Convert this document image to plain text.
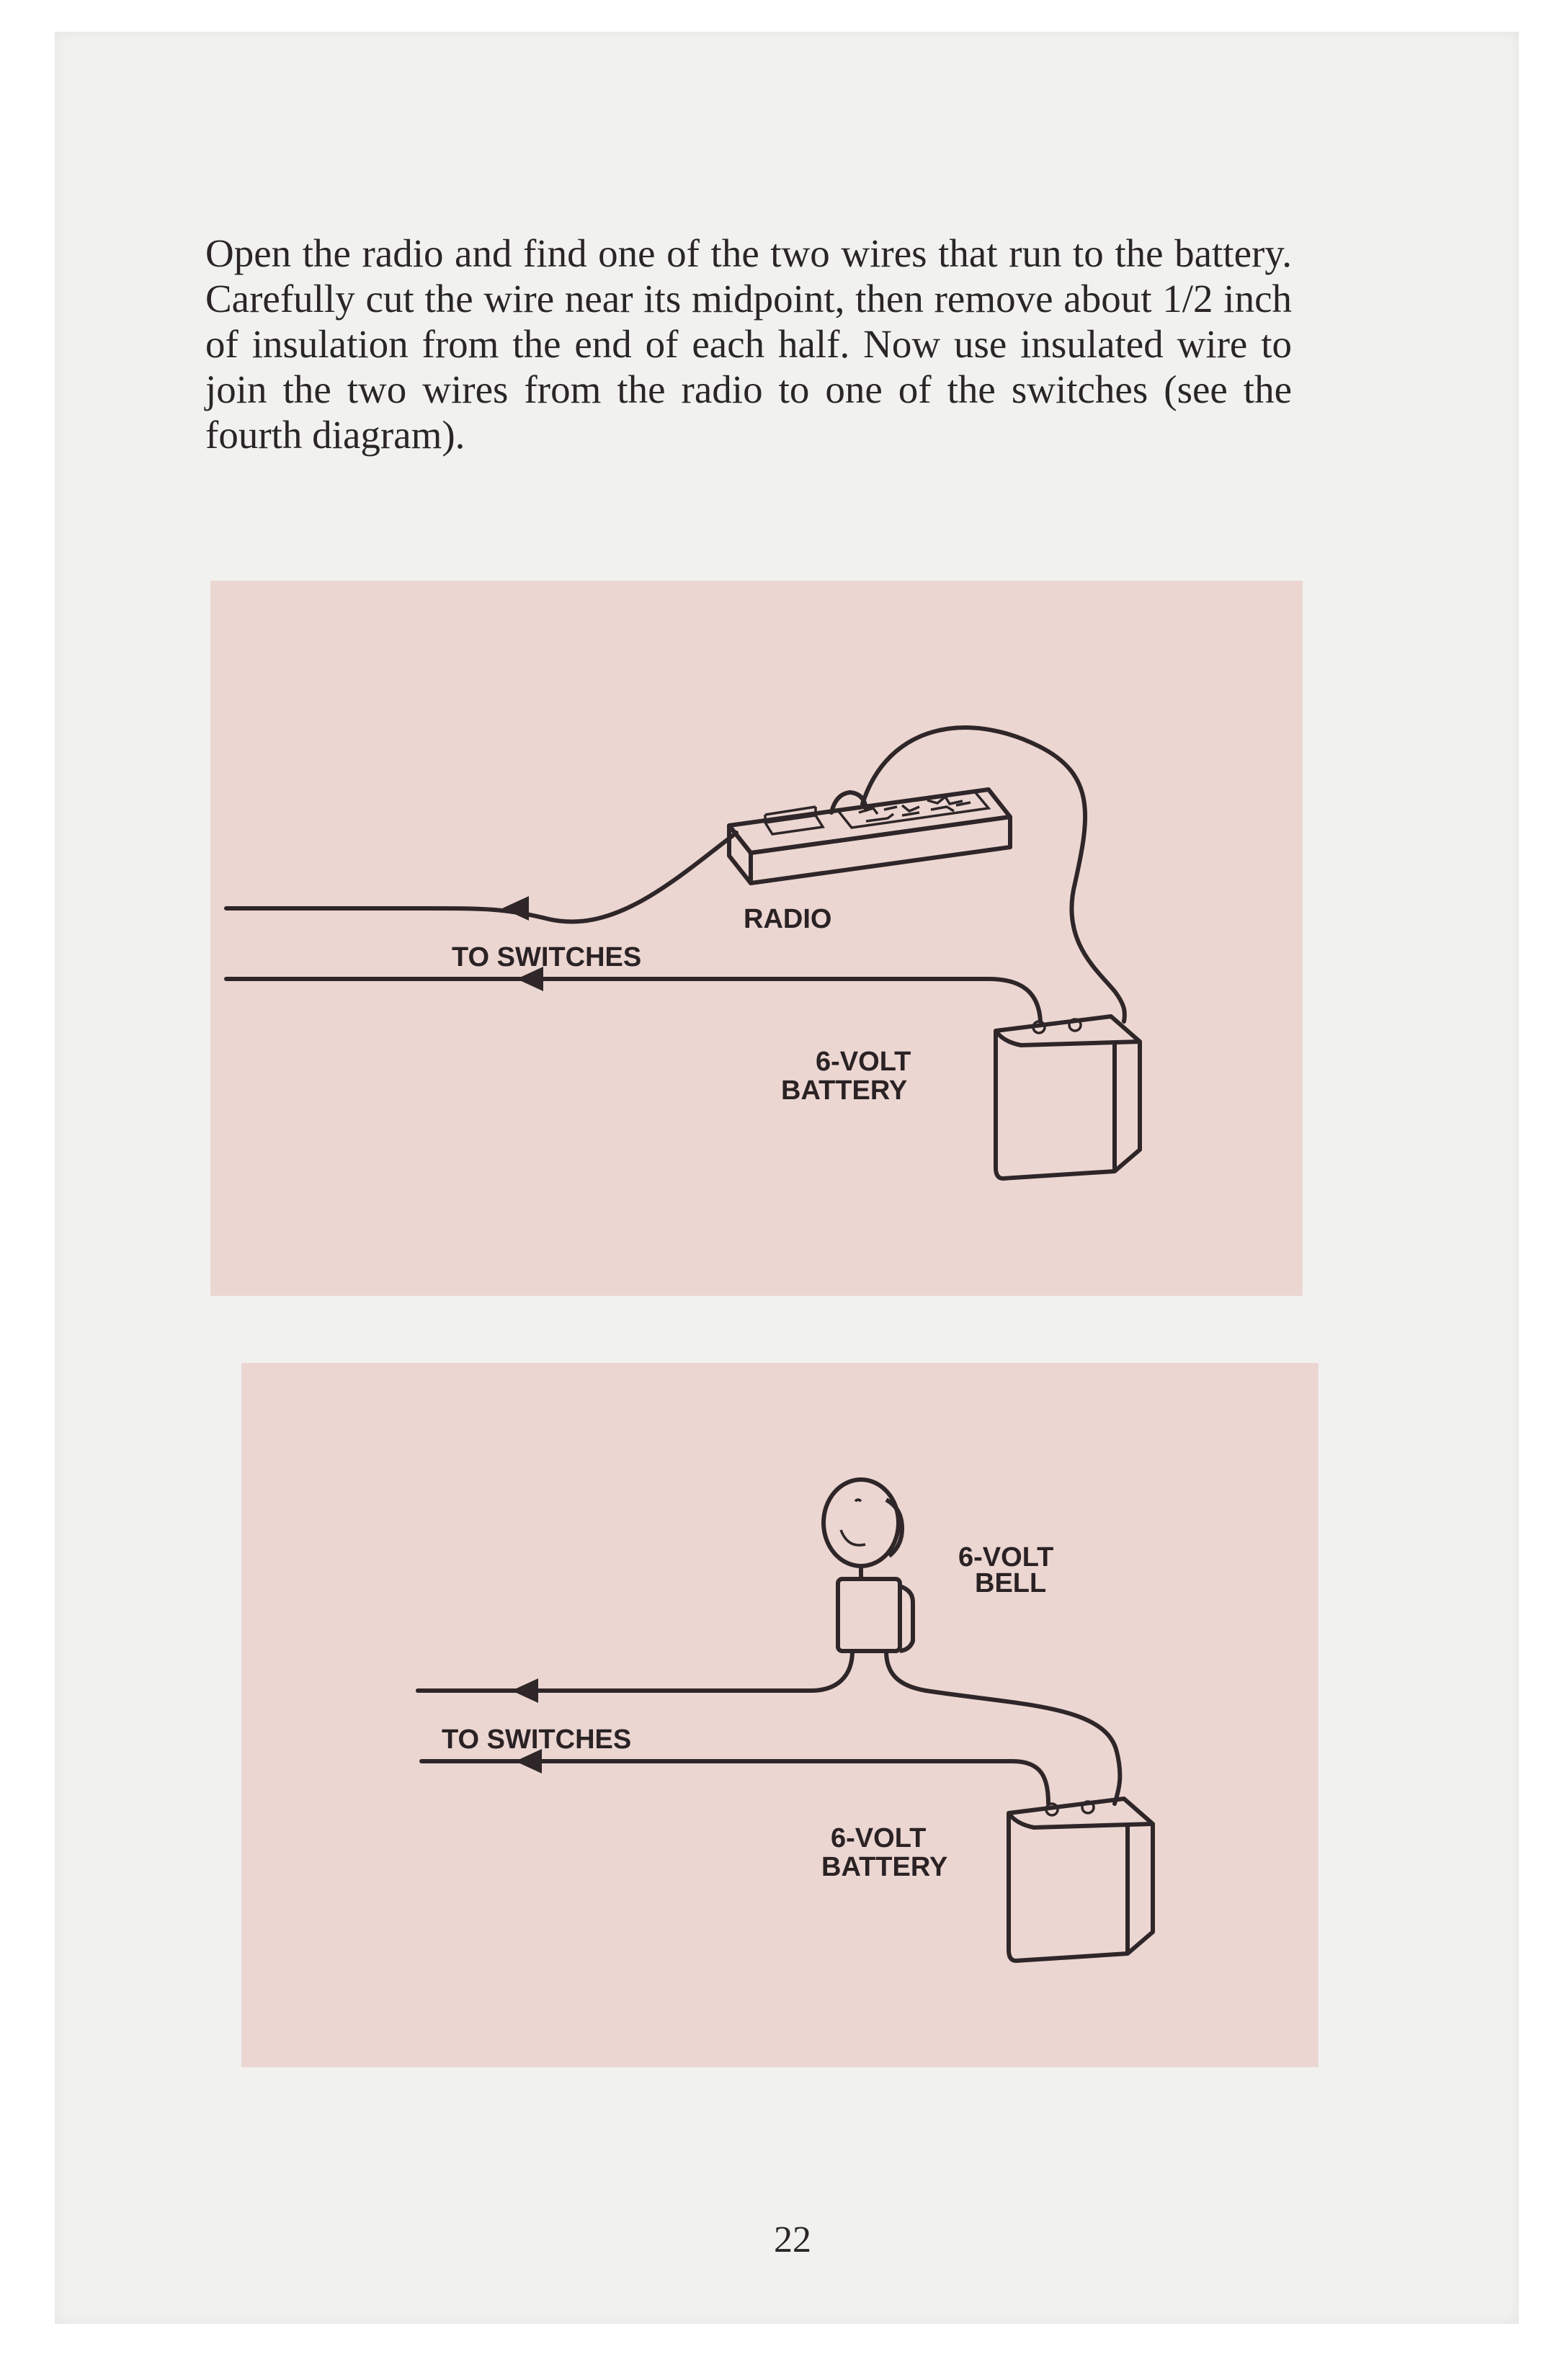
Open the radio and find one of the two wires that run to the battery. Carefully cut the wire near its midpoint, then remove about 1/2 inch of insulation from the end of each half. Now use insulated wire to join the two wires from the radio to one of the switches (see the fourth diagram).

RADIO
TO SWITCHES
6-VOLT
BATTERY
6-VOLT
BELL
TO SWITCHES
6-VOLT
BATTERY
22
